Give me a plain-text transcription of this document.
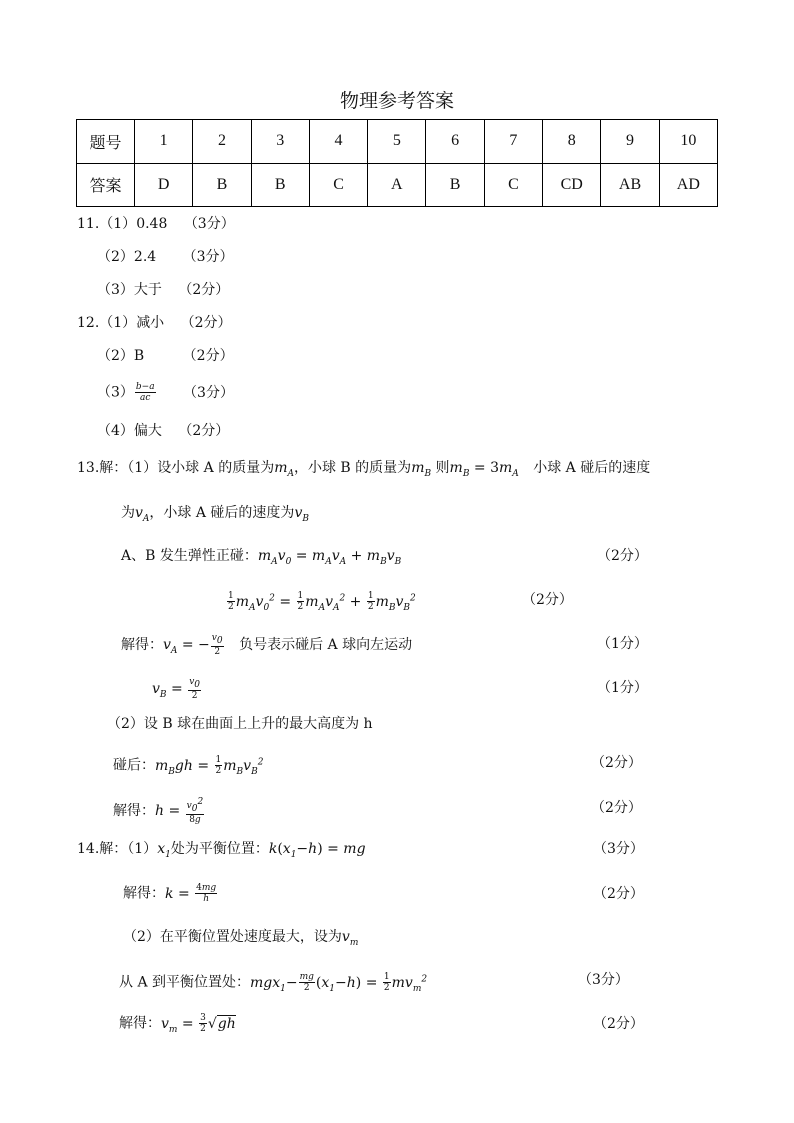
物理参考答案
题号	1	2	3	4	5	6	7	8	9	10
答案	D	B	B	C	A	B	C	CD	AB	AD
11.（1）0.48 （3分）
（2）2.4 （3分）
（3）大于 （2分）
12.（1）减小 （2分）
（2）B	（2分）
$(3) \frac{b-a}{ac} (3$分）
（4）偏大 （2分）
13.解：（1）设小球 A 的质量为$m_A$，小球 B 的质量为$m_B$ 则$m_B = 3m_A$ 小球 A 碰后的速度
为$v_A$，小球 A 碰后的速度为$v_B$
A、B 发生弹性正碰：$m_Av_0 = m_Av_A + m_Bv_B$	（2分）
$\frac{1}{2} m_Av_0^2 = \frac{1}{2} m_Av_A^2 + \frac{1}{2} m_Bv_B^2$	（2分）
解得：$v_A$ = − $\frac{v_0}{2}$ 负号表示碰后 A 球向左运动	（1分）
$v_B = \frac{v_0}{2}$	（1分）
（2）设 B 球在曲面上上升的最大高度为 h
碰后：$m_Bgh = \frac{1}{2} m_Bv_B^2$	（2分）
解得：$h = \frac{v_0^2}{8g}$	（2分）
14.解：$(1)x_1$处为平衡位置：$k(x_1-h)$ = mg	（3分）
解得：$k = \frac{4mg}{h}$	（2分）
（2）在平衡位置处速度最大，设为$v_m$
从 A 到平衡位置处：$mgx_1- \frac{mg}{2} (x_1-h) = \frac{1}{2} mv_m^2$	（3分）
解得：$v_m = \frac{3}{2} √gh$	（2分）
